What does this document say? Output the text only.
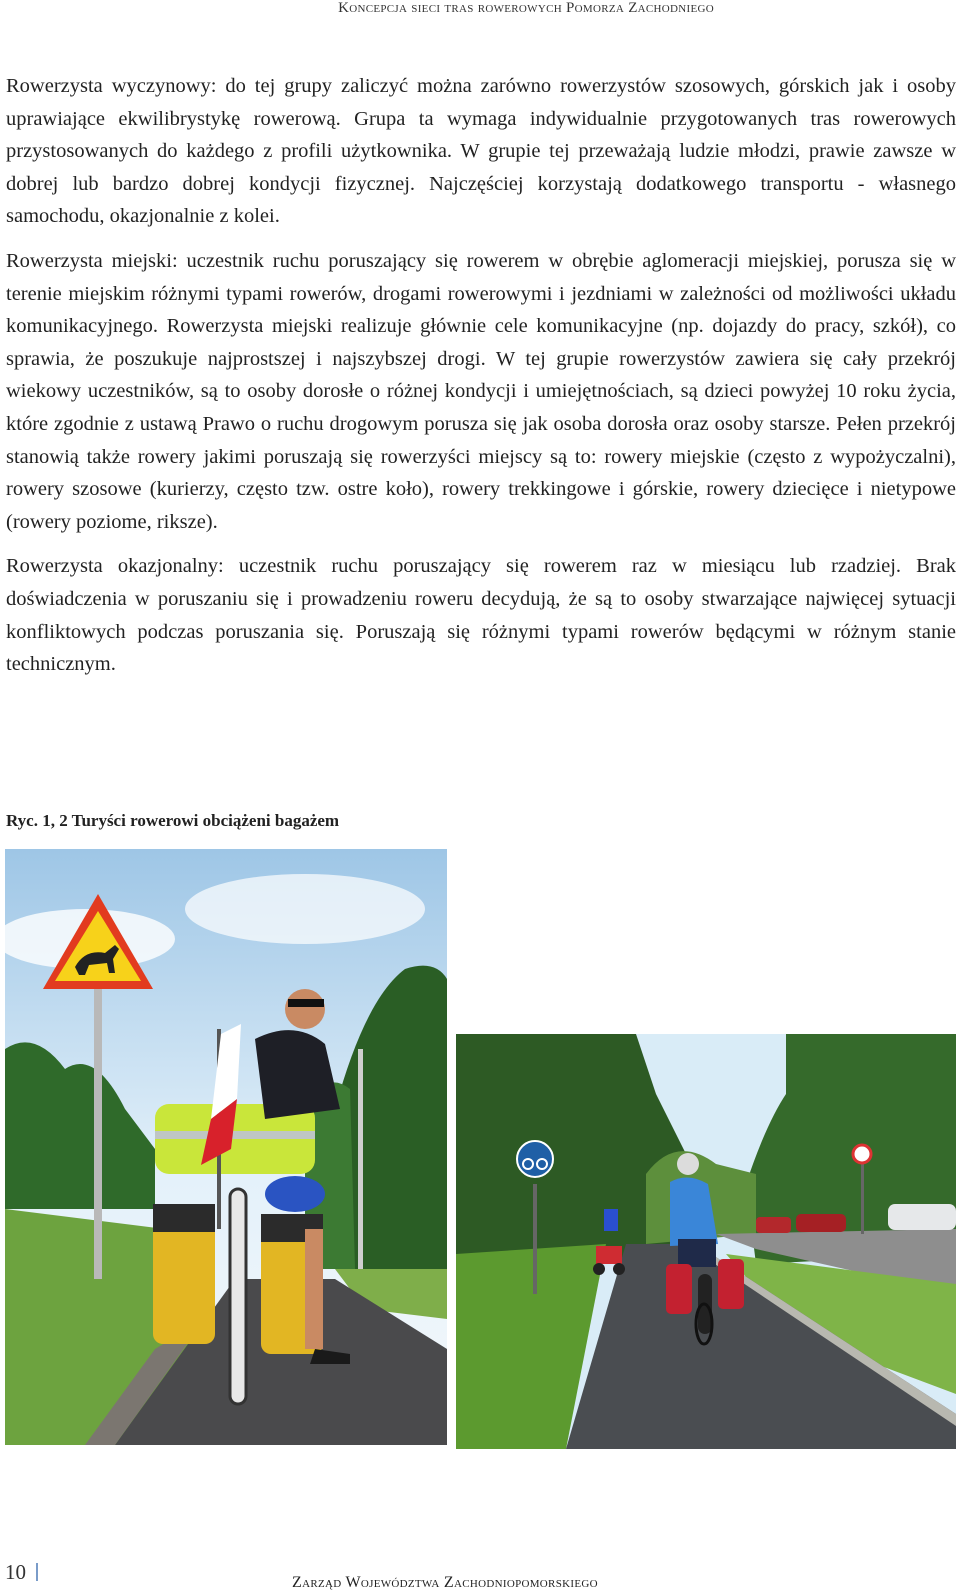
Koncepcja sieci tras rowerowych Pomorza Zachodniego

Rowerzysta wyczynowy: do tej grupy zaliczyć można zarówno rowerzystów szosowych, górskich jak i osoby uprawiające ekwilibrystykę rowerową. Grupa ta wymaga indywidualnie przygotowanych tras rowerowych przystosowanych do każdego z profili użytkownika. W grupie tej przeważają ludzie młodzi, prawie zawsze w dobrej lub bardzo dobrej kondycji fizycznej. Najczęściej korzystają dodatkowego transportu - własnego samochodu, okazjonalnie z kolei.

Rowerzysta miejski: uczestnik ruchu poruszający się rowerem w obrębie aglomeracji miejskiej, porusza się w terenie miejskim różnymi typami rowerów, drogami rowerowymi i jezdniami w zależności od możliwości układu komunikacyjnego. Rowerzysta miejski realizuje głównie cele komunikacyjne (np. dojazdy do pracy, szkół), co sprawia, że poszukuje najprostszej i najszybszej drogi. W tej grupie rowerzystów zawiera się cały przekrój wiekowy uczestników, są to osoby dorosłe o różnej kondycji i umiejętnościach, są dzieci powyżej 10 roku życia, które zgodnie z ustawą Prawo o ruchu drogowym porusza się jak osoba dorosła oraz osoby starsze. Pełen przekrój stanowią także rowery jakimi poruszają się rowerzyści miejscy są to: rowery miejskie (często z wypożyczalni), rowery szosowe (kurierzy, często tzw. ostre koło), rowery trekkingowe i górskie, rowery dziecięce i nietypowe (rowery poziome, riksze).

Rowerzysta okazjonalny: uczestnik ruchu poruszający się rowerem raz w miesiącu lub rzadziej. Brak doświadczenia w poruszaniu się i prowadzeniu roweru decydują, że są to osoby stwarzające najwięcej sytuacji konfliktowych podczas poruszania się. Poruszają się różnymi typami rowerów będącymi w różnym stanie technicznym.

Ryc. 1, 2 Turyści rowerowi obciążeni bagażem
10	Zarząd Województwa Zachodniopomorskiego
